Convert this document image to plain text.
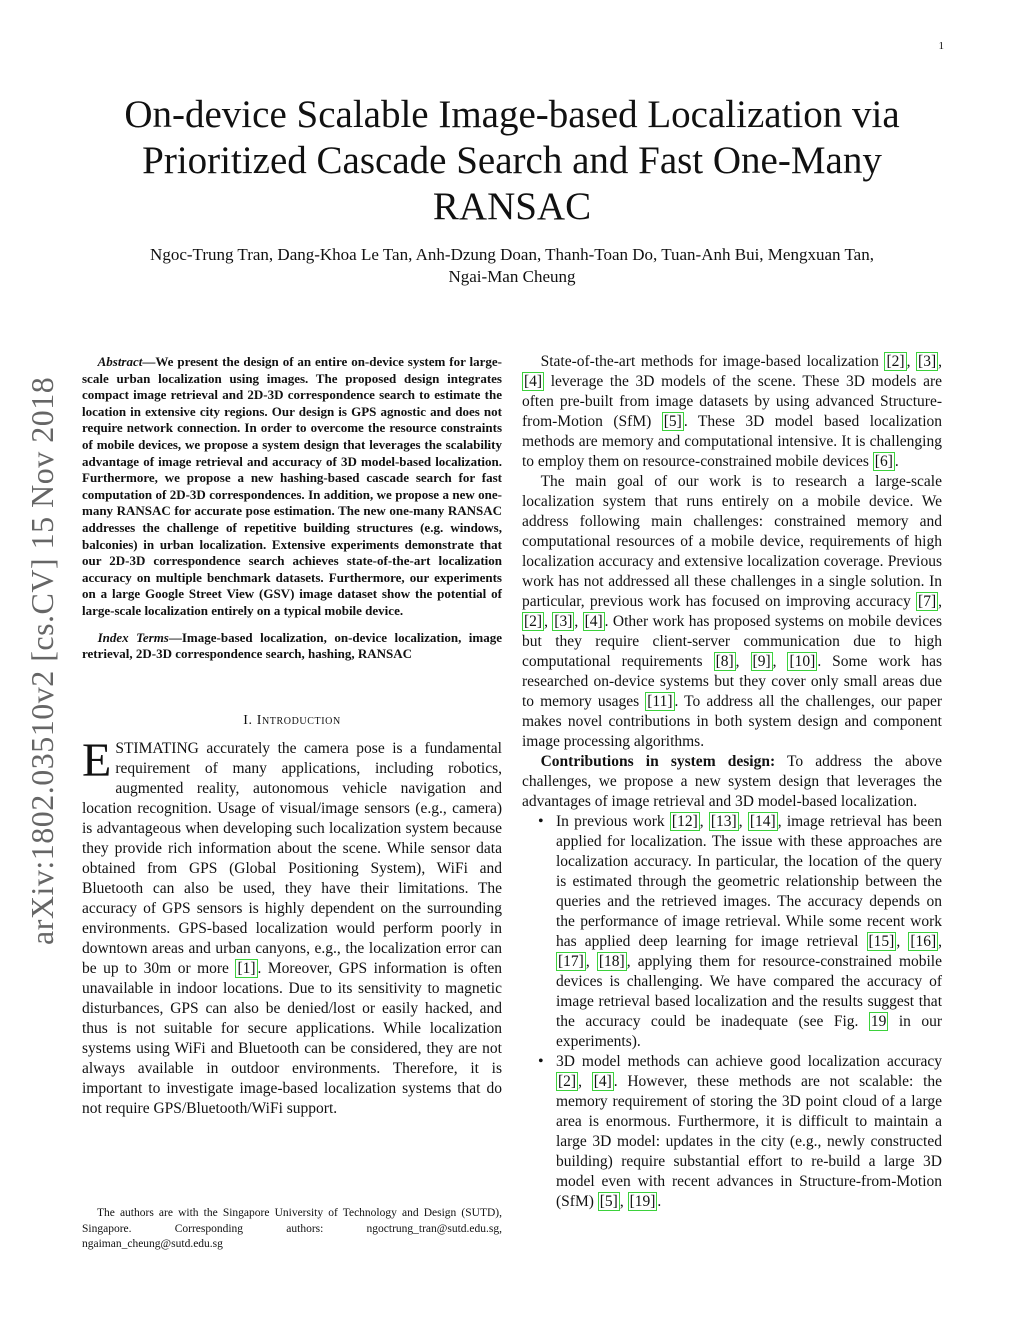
1
arXiv:1802.03510v2 [cs.CV] 15 Nov 2018
On-device Scalable Image-based Localization via
Prioritized Cascade Search and Fast One-Many
RANSAC
Ngoc-Trung Tran, Dang-Khoa Le Tan, Anh-Dzung Doan, Thanh-Toan Do, Tuan-Anh Bui, Mengxuan Tan,
Ngai-Man Cheung

Abstract—We present the design of an entire on-device system for large-scale urban localization using images. The proposed design integrates compact image retrieval and 2D-3D correspondence search to estimate the location in extensive city regions. Our design is GPS agnostic and does not require network connection. In order to overcome the resource constraints of mobile devices, we propose a system design that leverages the scalability advantage of image retrieval and accuracy of 3D model-based localization. Furthermore, we propose a new hashing-based cascade search for fast computation of 2D-3D correspondences. In addition, we propose a new one-many RANSAC for accurate pose estimation. The new one-many RANSAC addresses the challenge of repetitive building structures (e.g. windows, balconies) in urban localization. Extensive experiments demonstrate that our 2D-3D correspondence search achieves state-of-the-art localization accuracy on multiple benchmark datasets. Furthermore, our experiments on a large Google Street View (GSV) image dataset show the potential of large-scale localization entirely on a typical mobile device.

Index Terms—Image-based localization, on-device localization, image retrieval, 2D-3D correspondence search, hashing, RANSAC

I. Introduction

ESTIMATING accurately the camera pose is a fundamental requirement of many applications, including robotics, augmented reality, autonomous vehicle navigation and location recognition. Usage of visual/image sensors (e.g., camera) is advantageous when developing such localization system because they provide rich information about the scene. While sensor data obtained from GPS (Global Positioning System), WiFi and Bluetooth can also be used, they have their limitations. The accuracy of GPS sensors is highly dependent on the surrounding environments. GPS-based localization would perform poorly in downtown areas and urban canyons, e.g., the localization error can be up to 30m or more [1] . Moreover, GPS information is often unavailable in indoor locations. Due to its sensitivity to magnetic disturbances, GPS can also be denied/lost or easily hacked, and thus is not suitable for secure applications. While localization systems using WiFi and Bluetooth can be considered, they are not always available in outdoor environments. Therefore, it is important to investigate image-based localization systems that do not require GPS/Bluetooth/WiFi support.

The authors are with the Singapore University of Technology and Design (SUTD), Singapore. Corresponding authors: ngoctrung_tran@sutd.edu.sg, ngaiman_cheung@sutd.edu.sg

State-of-the-art methods for image-based localization [2] , [3] , [4] leverage the 3D models of the scene. These 3D models are often pre-built from image datasets by using advanced Structure-from-Motion (SfM) [5] . These 3D model based localization methods are memory and computational intensive. It is challenging to employ them on resource-constrained mobile devices [6] .

The main goal of our work is to research a large-scale localization system that runs entirely on a mobile device. We address following main challenges: constrained memory and computational resources of a mobile device, requirements of high localization accuracy and extensive localization coverage. Previous work has not addressed all these challenges in a single solution. In particular, previous work has focused on improving accuracy [7] , [2] , [3] , [4] . Other work has proposed systems on mobile devices but they require client-server communication due to high computational requirements [8] , [9] , [10] . Some work has researched on-device systems but they cover only small areas due to memory usages [11] . To address all the challenges, our paper makes novel contributions in both system design and component image processing algorithms.

Contributions in system design: To address the above challenges, we propose a new system design that leverages the advantages of image retrieval and 3D model-based localization.

• In previous work [12] , [13] , [14] , image retrieval has been applied for localization. The issue with these approaches are localization accuracy. In particular, the location of the query is estimated through the geometric relationship between the queries and the retrieved images. The accuracy depends on the performance of image retrieval. While some recent work has applied deep learning for image retrieval [15] , [16] , [17] , [18] , applying them for resource-constrained mobile devices is challenging. We have compared the accuracy of image retrieval based localization and the results suggest that the accuracy could be inadequate (see Fig. 19 in our experiments).
• 3D model methods can achieve good localization accuracy [2] , [4] . However, these methods are not scalable: the memory requirement of storing the 3D point cloud of a large area is enormous. Furthermore, it is difficult to maintain a large 3D model: updates in the city (e.g., newly constructed building) require substantial effort to re-build a large 3D model even with recent advances in Structure-from-Motion (SfM) [5] , [19] .
